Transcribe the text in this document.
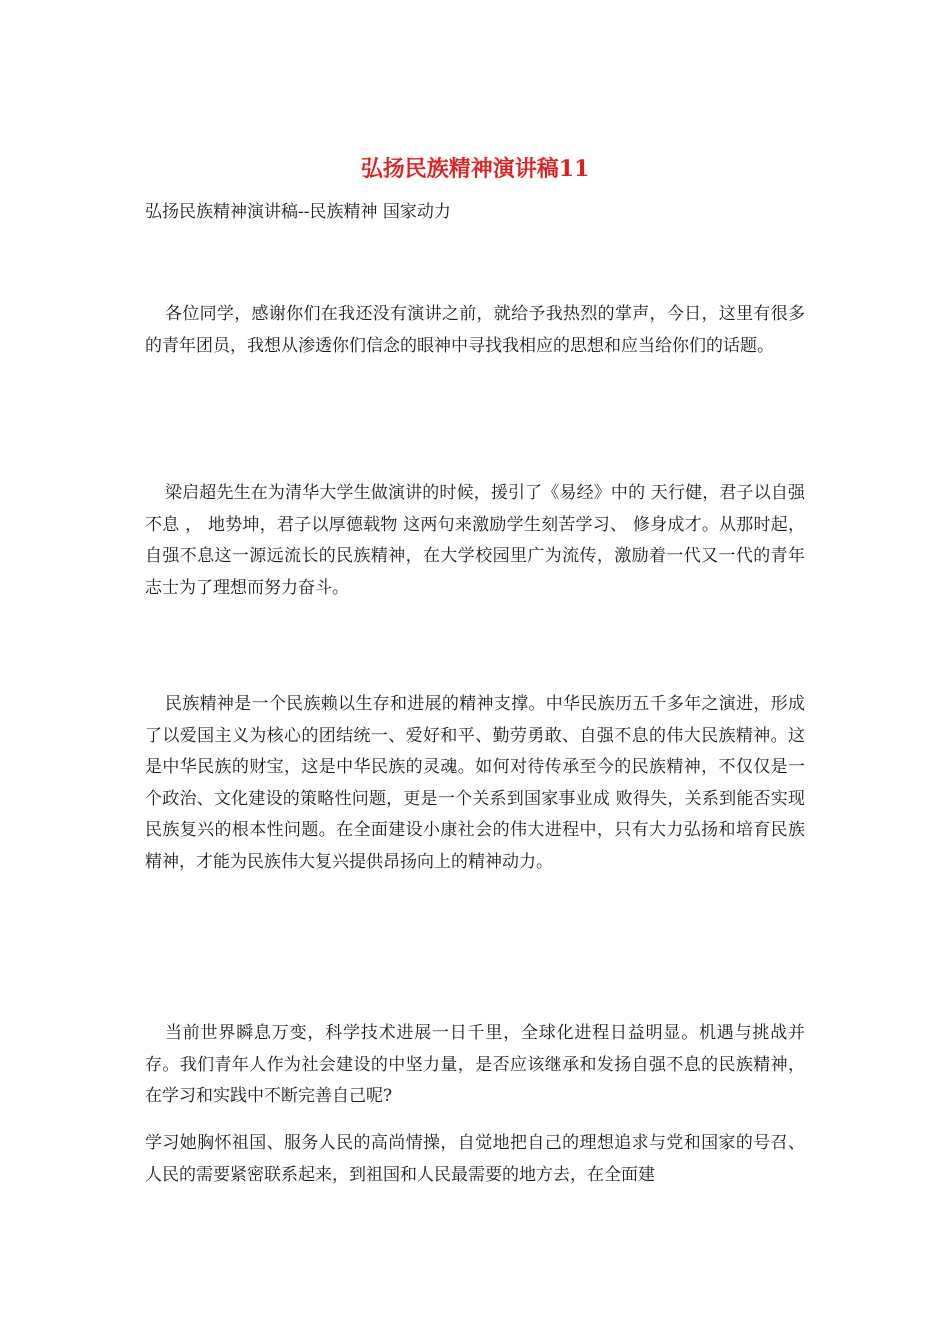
弘扬民族精神演讲稿11

弘扬民族精神演讲稿--民族精神 国家动力

各位同学，感谢你们在我还没有演讲之前，就给予我热烈的掌声，今日，这里有很多的青年团员，我想从渗透你们信念的眼神中寻找我相应的思想和应当给你们的话题。

梁启超先生在为清华大学生做演讲的时候，援引了《易经》中的 天行健，君子以自强不息 ， 地势坤，君子以厚德载物 这两句来激励学生刻苦学习、 修身成才。从那时起，自强不息这一源远流长的民族精神，在大学校园里广为流传，激励着一代又一代的青年志士为了理想而努力奋斗。

民族精神是一个民族赖以生存和进展的精神支撑。中华民族历五千多年之演进，形成了以爱国主义为核心的团结统一、爱好和平、勤劳勇敢、自强不息的伟大民族精神。这是中华民族的财宝，这是中华民族的灵魂。如何对待传承至今的民族精神，不仅仅是一个政治、文化建设的策略性问题，更是一个关系到国家事业成 败得失，关系到能否实现民族复兴的根本性问题。在全面建设小康社会的伟大进程中，只有大力弘扬和培育民族精神，才能为民族伟大复兴提供昂扬向上的精神动力。

当前世界瞬息万变，科学技术进展一日千里，全球化进程日益明显。机遇与挑战并存。我们青年人作为社会建设的中坚力量，是否应该继承和发扬自强不息的民族精神，在学习和实践中不断完善自己呢?

学习她胸怀祖国、服务人民的高尚情操，自觉地把自己的理想追求与党和国家的号召、人民的需要紧密联系起来，到祖国和人民最需要的地方去，在全面建
